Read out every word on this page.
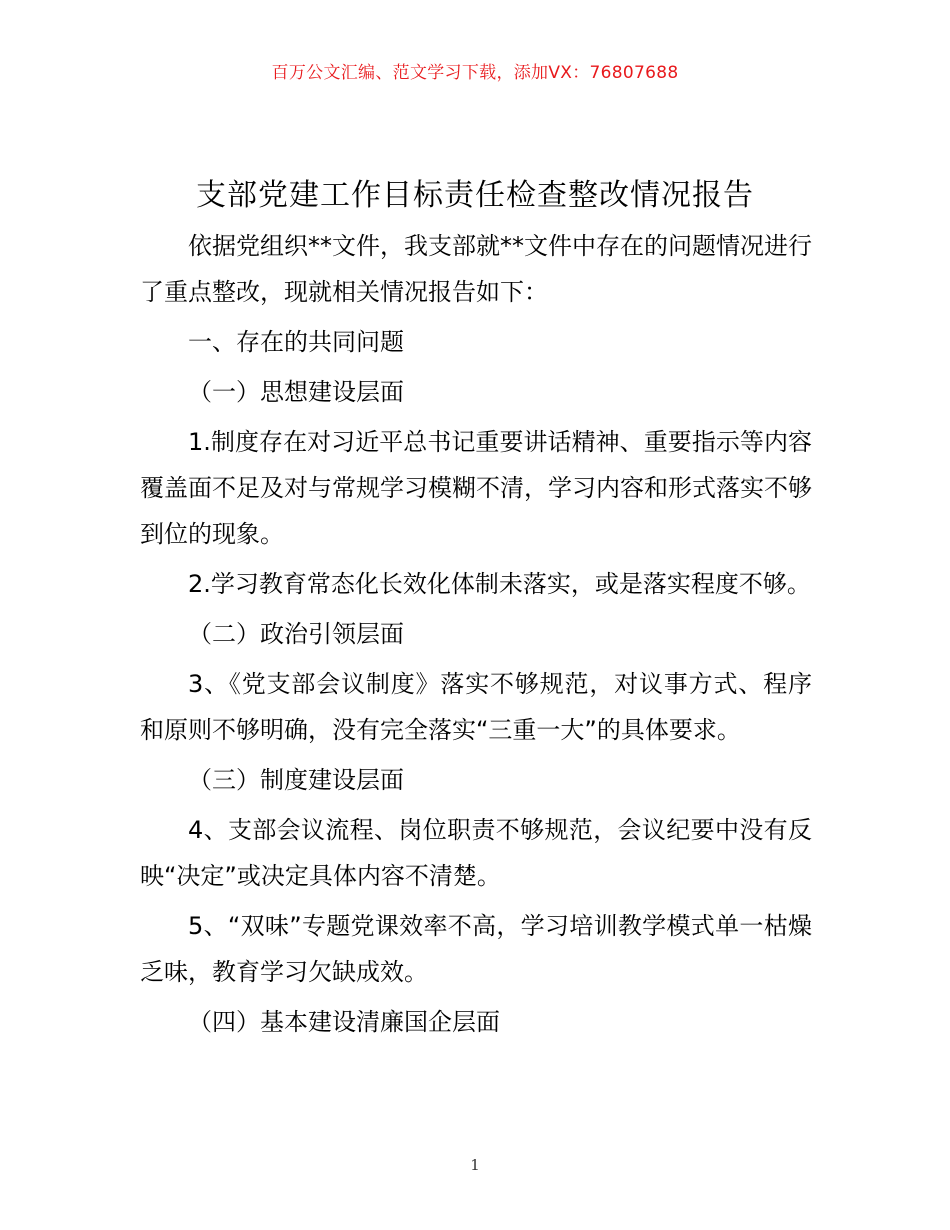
百万公文汇编、范文学习下载，添加VX：76807688
支部党建工作目标责任检查整改情况报告

依据党组织**文件，我支部就**文件中存在的问题情况进行了重点整改，现就相关情况报告如下：

一、存在的共同问题

（一）思想建设层面

1.制度存在对习近平总书记重要讲话精神、重要指示等内容覆盖面不足及对与常规学习模糊不清，学习内容和形式落实不够到位的现象。

2.学习教育常态化长效化体制未落实，或是落实程度不够。

（二）政治引领层面

3、《党支部会议制度》落实不够规范，对议事方式、程序和原则不够明确，没有完全落实“三重一大”的具体要求。

（三）制度建设层面

4、支部会议流程、岗位职责不够规范，会议纪要中没有反映“决定”或决定具体内容不清楚。

5、“双味”专题党课效率不高，学习培训教学模式单一枯燥乏味，教育学习欠缺成效。

（四）基本建设清廉国企层面

1
